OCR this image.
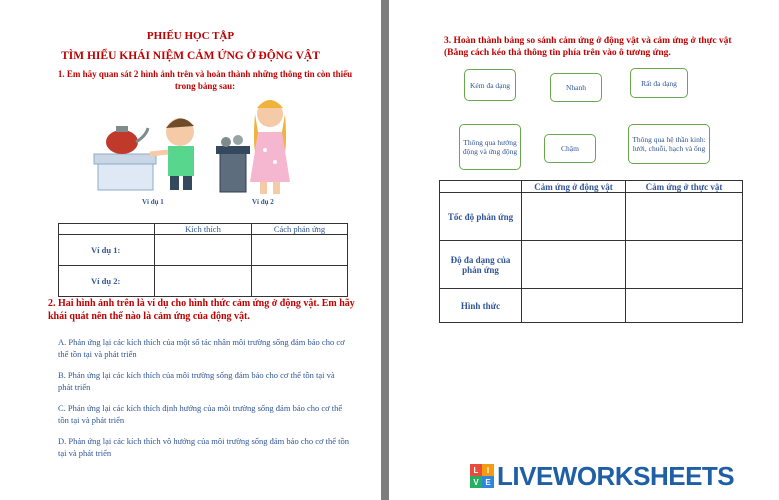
PHIẾU HỌC TẬP
TÌM HIỂU KHÁI NIỆM CẢM ỨNG Ở ĐỘNG VẬT
1. Em hãy quan sát 2 hình ảnh trên và hoàn thành những thông tin còn thiếu trong bảng sau:
Ví dụ 1	Ví dụ 2
	Kích thích	Cách phản ứng
Ví dụ 1:		
Ví dụ 2:		
2. Hai hình ảnh trên là ví dụ cho hình thức cảm ứng ở động vật. Em hãy khái quát nên thế nào là cảm ứng của động vật.
A. Phản ứng lại các kích thích của một số tác nhân môi trường sống đảm bảo cho cơ thể tồn tại và phát triển
B. Phản ứng lại các kích thích của môi trường sống đảm bảo cho cơ thể tồn tại và phát triển
C. Phản ứng lại các kích thích định hướng của môi trường sống đảm bảo cho cơ thể tồn tại và phát triển
D. Phản ứng lại các kích thích vô hướng của môi trường sống đảm bảo cho cơ thể tồn tại và phát triển
3. Hoàn thành bảng so sánh cảm ứng ở động vật và cảm ứng ở thực vật (Bằng cách kéo thả thông tin phía trên vào ô tương ứng.
Kém đa dạng	Nhanh	Rất đa dạng
Thông qua hướng động và ứng động	Chậm
Thông qua hệ thần kinh: lưới, chuỗi, hạch và ống
	Cảm ứng ở động vật	Cảm ứng ở thực vật
Tốc độ phản ứng		
Độ đa dạng của phản ứng		
Hình thức		
L	I
V E LIVEWORKSHEETS
